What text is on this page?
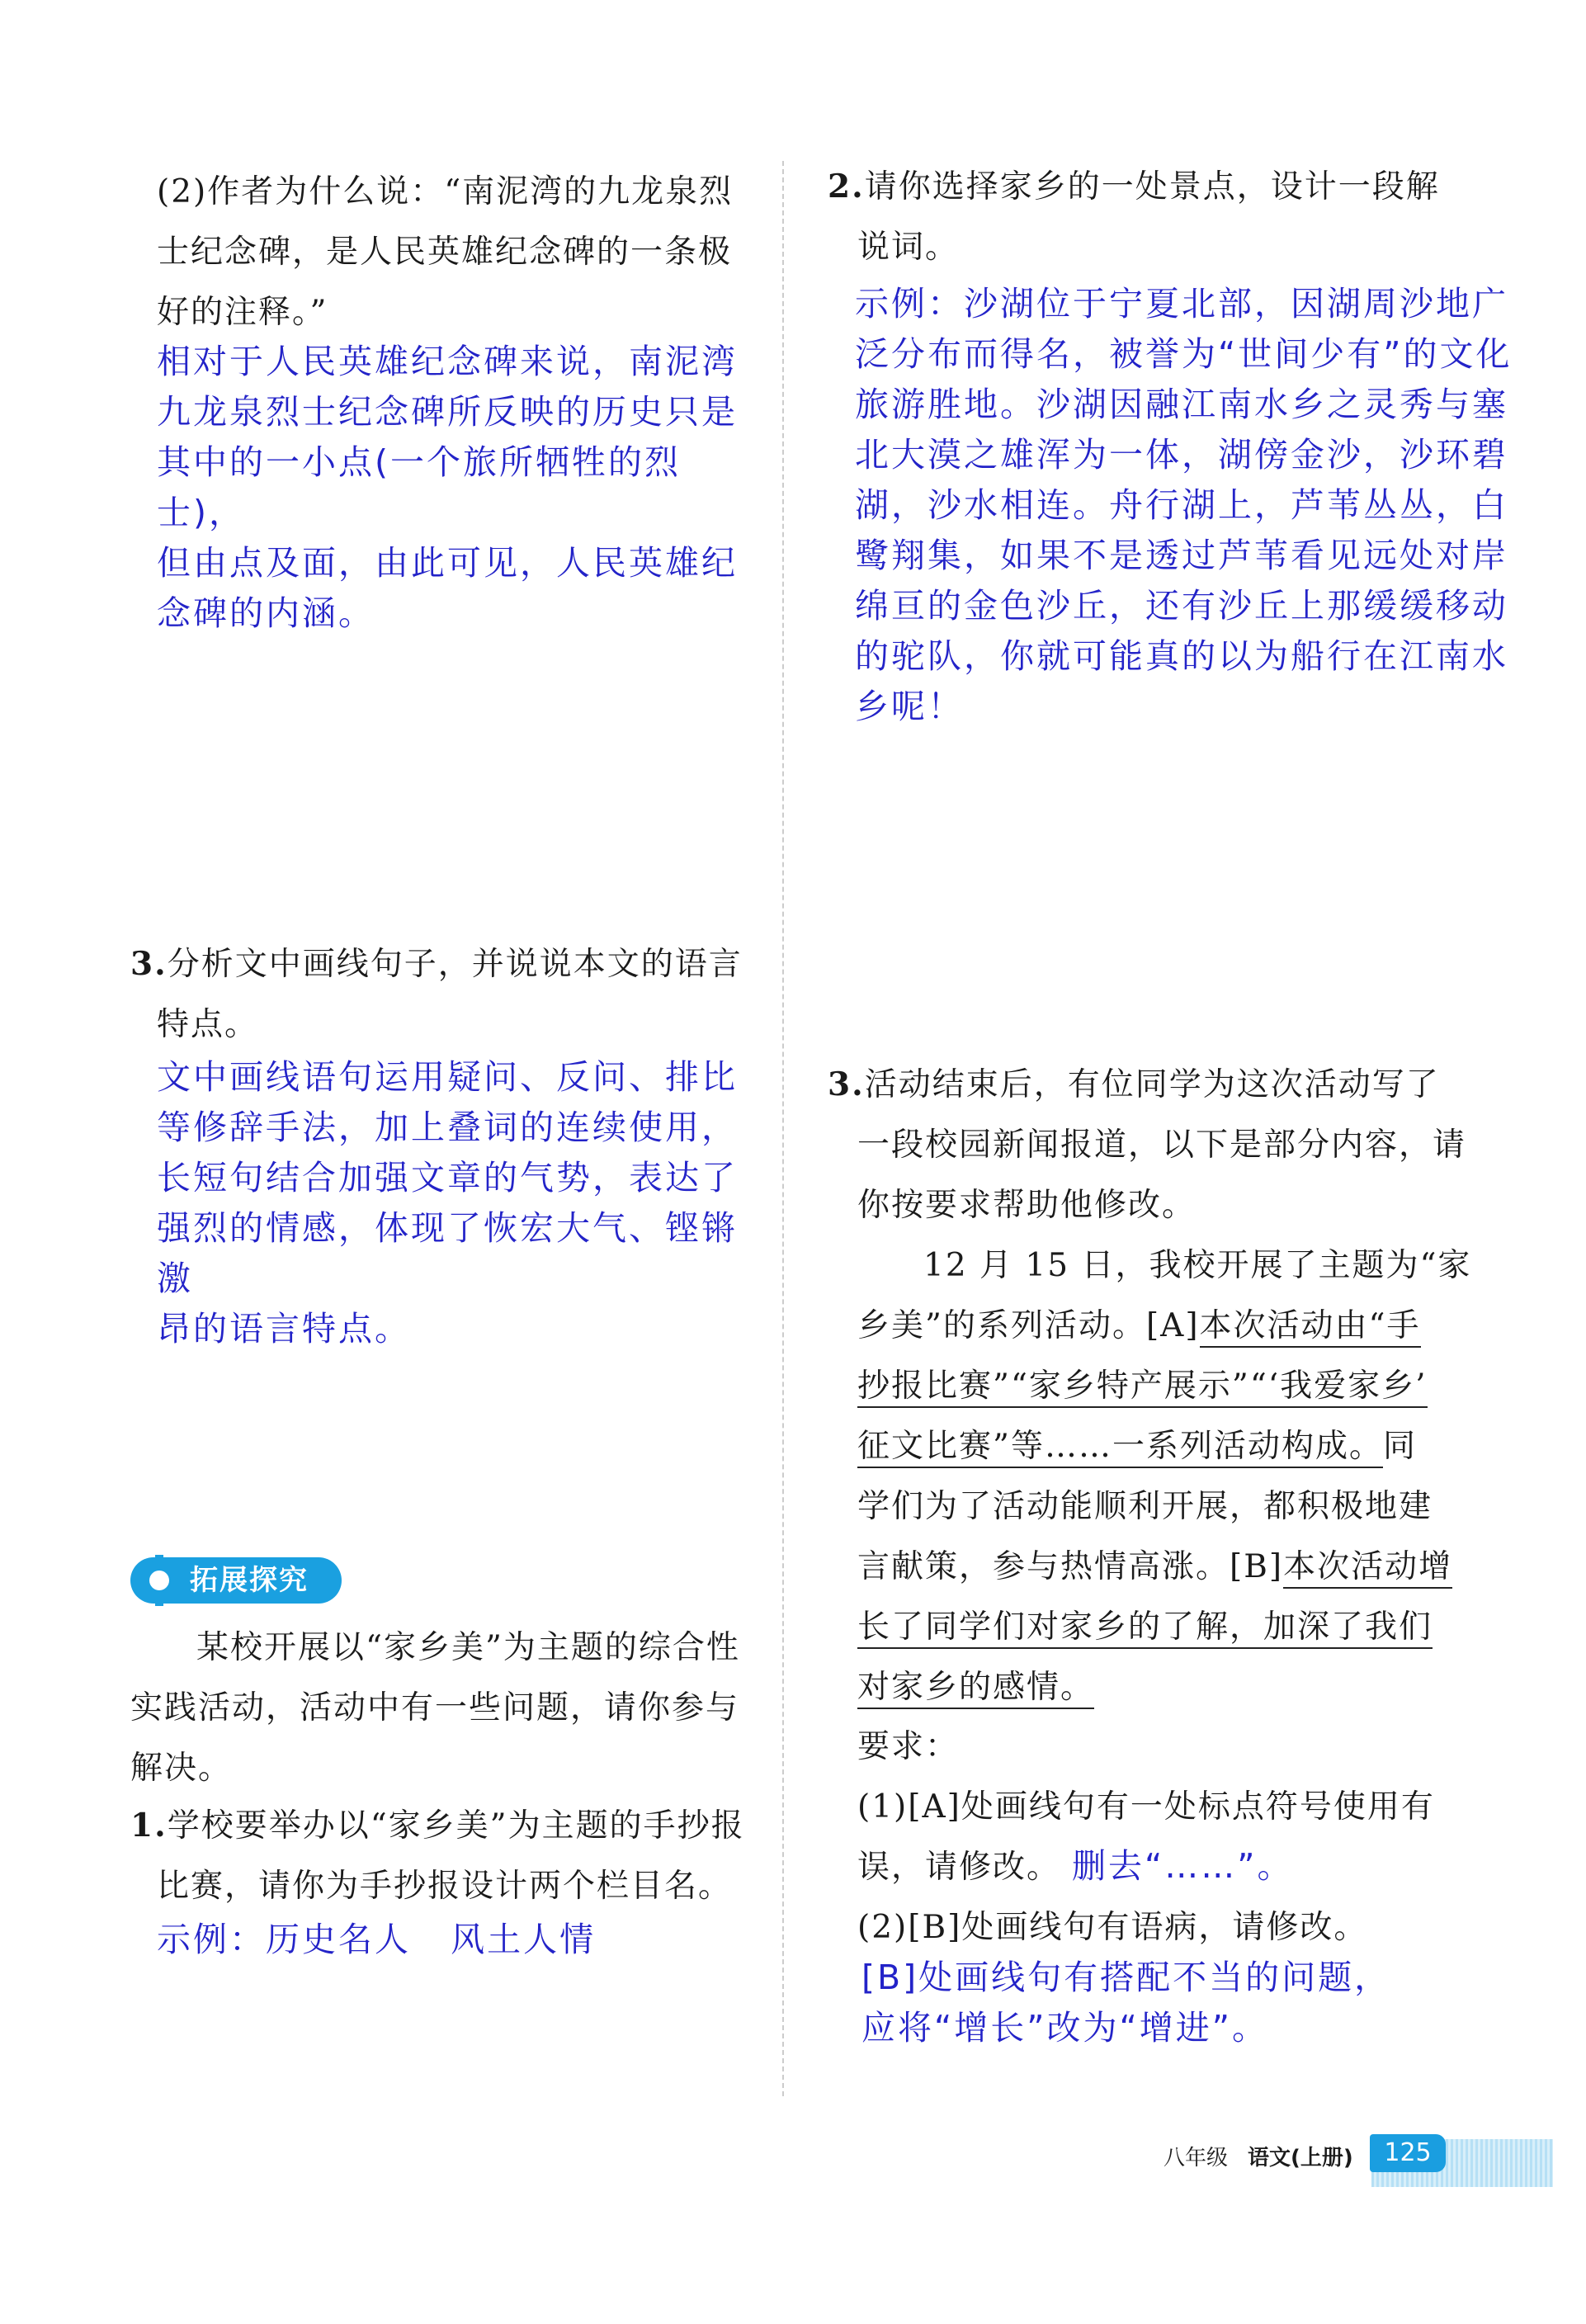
(2)作者为什么说：“南泥湾的九龙泉烈
士纪念碑，是人民英雄纪念碑的一条极
好的注释。”
相对于人民英雄纪念碑来说，南泥湾
九龙泉烈士纪念碑所反映的历史只是
其中的一小点(一个旅所牺牲的烈士)，
但由点及面，由此可见，人民英雄纪
念碑的内涵。
3.分析文中画线句子，并说说本文的语言
特点。
文中画线语句运用疑问、反问、排比
等修辞手法，加上叠词的连续使用，
长短句结合加强文章的气势，表达了
强烈的情感，体现了恢宏大气、铿锵激
昂的语言特点。
拓展探究
某校开展以“家乡美”为主题的综合性
实践活动，活动中有一些问题，请你参与
解决。
1.学校要举办以“家乡美”为主题的手抄报
比赛，请你为手抄报设计两个栏目名。
示例：历史名人   风土人情
2.请你选择家乡的一处景点，设计一段解
说词。
示例：沙湖位于宁夏北部，因湖周沙地广
泛分布而得名，被誉为“世间少有”的文化
旅游胜地。沙湖因融江南水乡之灵秀与塞
北大漠之雄浑为一体，湖傍金沙，沙环碧
湖，沙水相连。舟行湖上，芦苇丛丛，白
鹭翔集，如果不是透过芦苇看见远处对岸
绵亘的金色沙丘，还有沙丘上那缓缓移动
的驼队，你就可能真的以为船行在江南水
乡呢！
3.活动结束后，有位同学为这次活动写了
一段校园新闻报道，以下是部分内容，请
你按要求帮助他修改。
12 月 15 日，我校开展了主题为“家
乡美”的系列活动。[A]本次活动由“手
抄报比赛”“家乡特产展示”“‘我爱家乡’
征文比赛”等……一系列活动构成。同
学们为了活动能顺利开展，都积极地建
言献策，参与热情高涨。[B]本次活动增
长了同学们对家乡的了解，加深了我们
对家乡的感情。
要求：
(1)[A]处画线句有一处标点符号使用有
误，请修改。 删去“……”。
(2)[B]处画线句有语病，请修改。
[B]处画线句有搭配不当的问题，
应将“增长”改为“增进”。
八年级 语文(上册)	125
